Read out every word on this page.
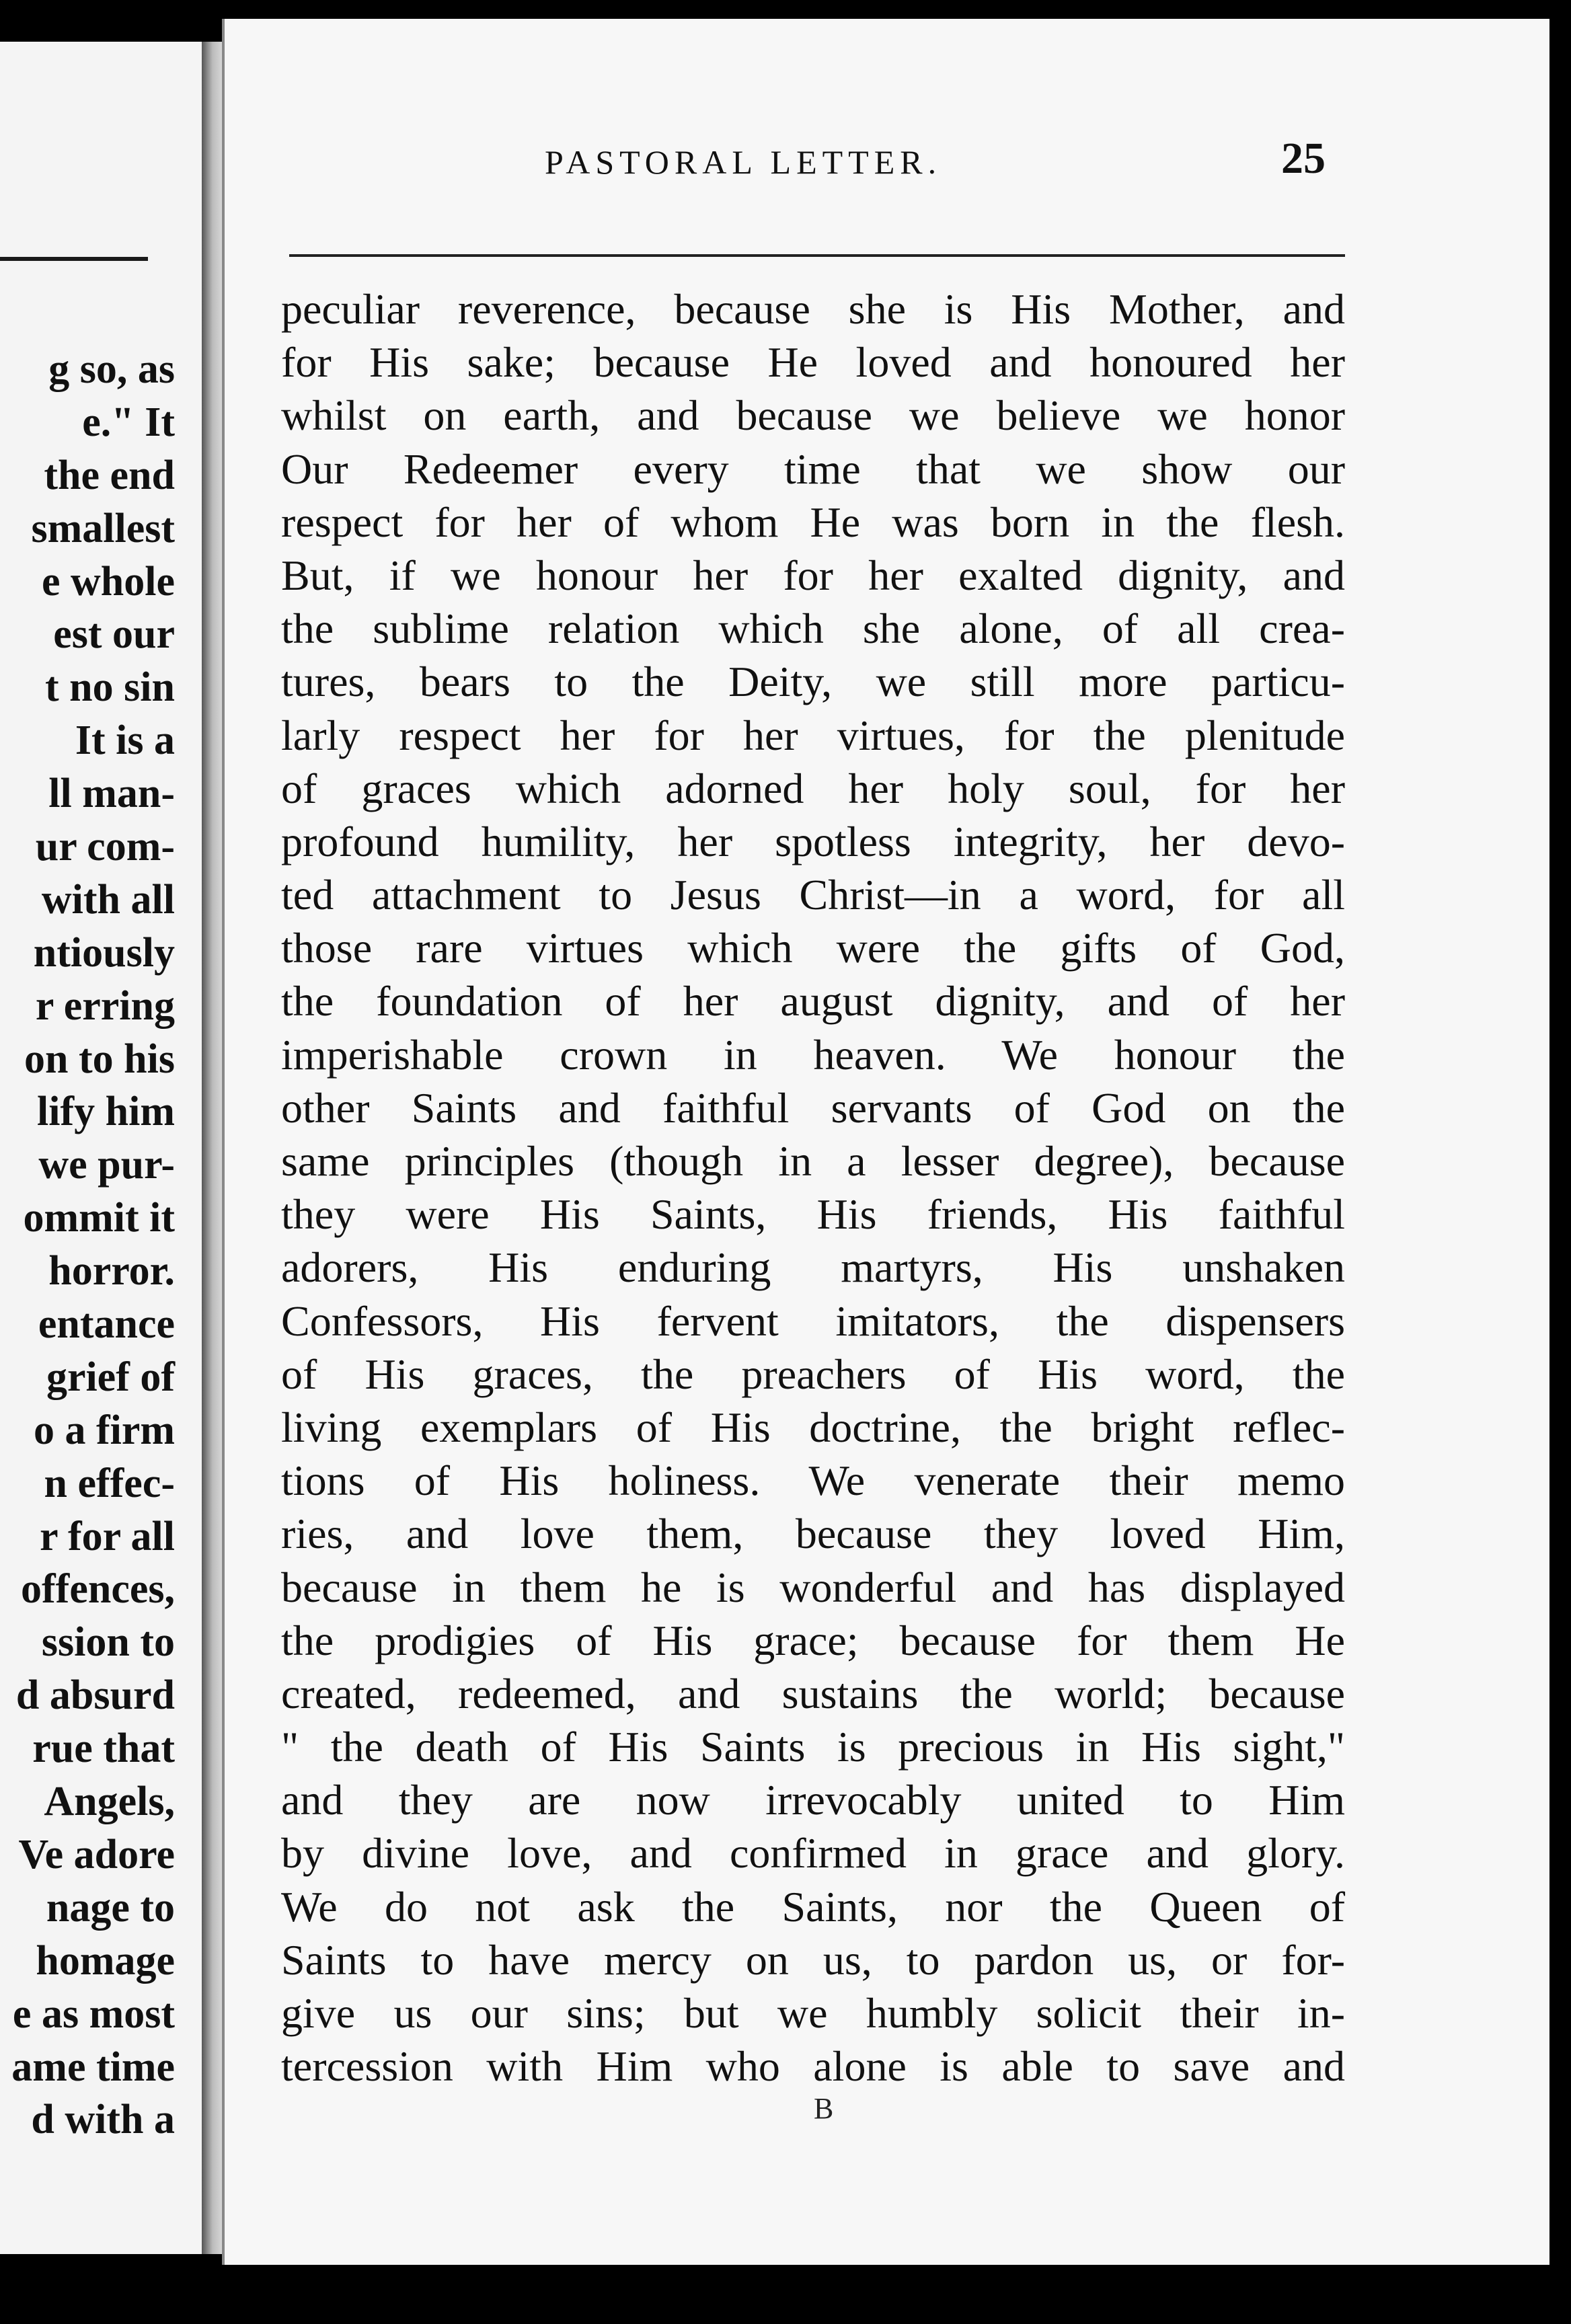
g so, as
e." It
the end
smallest
e whole
est our
t no sin
It is a
ll man-
ur com-
with all
ntiously
r erring
on to his
lify him
we pur-
ommit it
horror.
entance
grief of
o a firm
n effec-
r for all
offences,
ssion to
d absurd
rue that
Angels,
Ve adore
nage to
homage
e as most
ame time
d with a
PASTORAL LETTER.	25
peculiar reverence, because she is His Mother, and
for His sake; because He loved and honoured her
whilst on earth, and because we believe we honor
Our Redeemer every time that we show our
respect for her of whom He was born in the flesh.
But, if we honour her for her exalted dignity, and
the sublime relation which she alone, of all crea-
tures, bears to the Deity, we still more particu-
larly respect her for her virtues, for the plenitude
of graces which adorned her holy soul, for her
profound humility, her spotless integrity, her devo-
ted attachment to Jesus Christ—in a word, for all
those rare virtues which were the gifts of God,
the foundation of her august dignity, and of her
imperishable crown in heaven. We honour the
other Saints and faithful servants of God on the
same principles (though in a lesser degree), because
they were His Saints, His friends, His faithful
adorers, His enduring martyrs, His unshaken
Confessors, His fervent imitators, the dispensers
of His graces, the preachers of His word, the
living exemplars of His doctrine, the bright reflec-
tions of His holiness. We venerate their memo
ries, and love them, because they loved Him,
because in them he is wonderful and has displayed
the prodigies of His grace; because for them He
created, redeemed, and sustains the world; because
" the death of His Saints is precious in His sight,"
and they are now irrevocably united to Him
by divine love, and confirmed in grace and glory.
We do not ask the Saints, nor the Queen of
Saints to have mercy on us, to pardon us, or for-
give us our sins; but we humbly solicit their in-
tercession with Him who alone is able to save and
B
